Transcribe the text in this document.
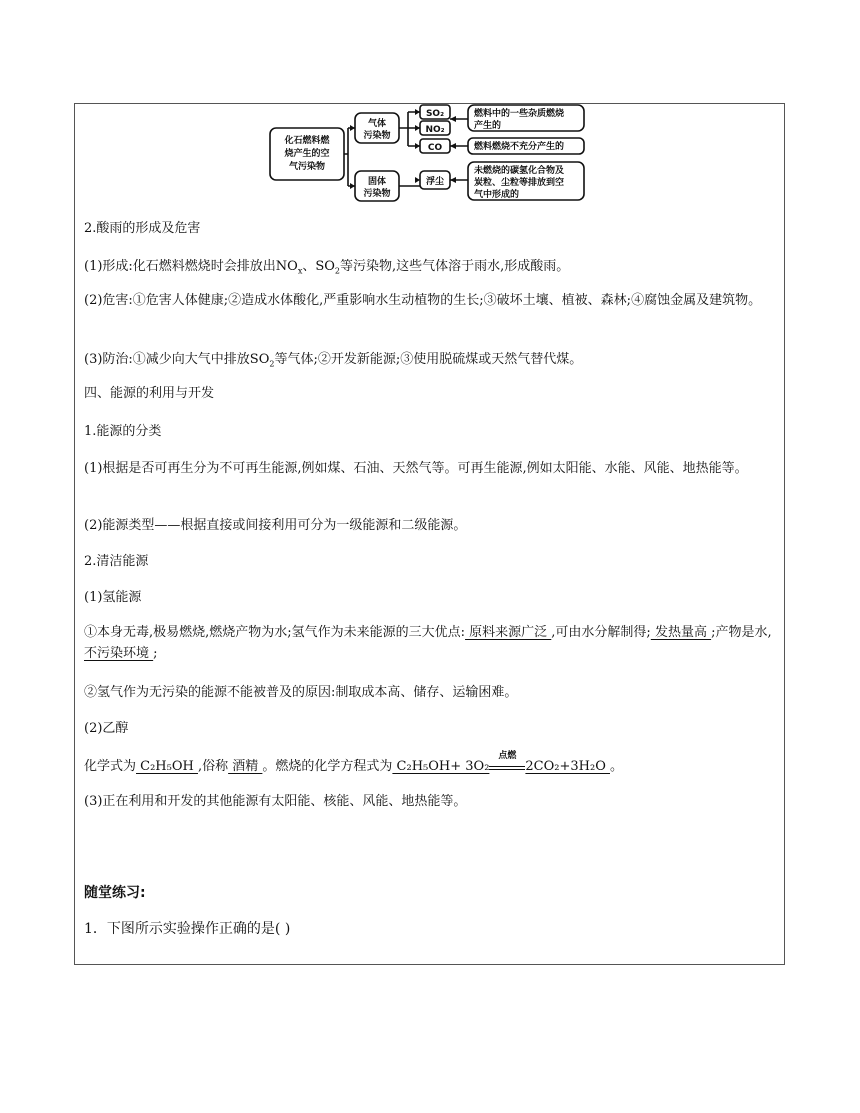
化石燃料燃
烧产生的空
气污染物
气体
污染物
固体
污染物
SO₂
NO₂
CO
浮尘
燃料中的一些杂质燃烧
产生的
燃料燃烧不充分产生的
未燃烧的碳氢化合物及
炭粒、尘粒等排放到空
气中形成的
2.酸雨的形成及危害
(1)形成:化石燃料燃烧时会排放出$NO_x$、$SO_2$等污染物,这些气体溶于雨水,形成酸雨。
(2)危害:①危害人体健康;②造成水体酸化,严重影响水生动植物的生长;③破坏土壤、植被、森林;④腐蚀金属及建筑物。
(3)防治:①减少向大气中排放$SO_2$等气体;②开发新能源;③使用脱硫煤或天然气替代煤。
四、能源的利用与开发
1.能源的分类
(1)根据是否可再生分为不可再生能源,例如煤、石油、天然气等。可再生能源,例如太阳能、水能、风能、地热能等。
(2)能源类型——根据直接或间接利用可分为一级能源和二级能源。
2.清洁能源
(1)氢能源
①本身无毒,极易燃烧,燃烧产物为水;氢气作为未来能源的三大优点: 原料来源广泛 ,可由水分解制得; 发热量高 ;产物是水, 不污染环境 ;
②氢气作为无污染的能源不能被普及的原因:制取成本高、储存、运输困难。
(2)乙醇
化学式为 C₂H₅OH ,俗称 酒精 。燃烧的化学方程式为 C₂H₅OH+ 3O₂
点燃
2CO₂+3H₂O 。
(3)正在利用和开发的其他能源有太阳能、核能、风能、地热能等。
随堂练习:
1．下图所示实验操作正确的是( )
